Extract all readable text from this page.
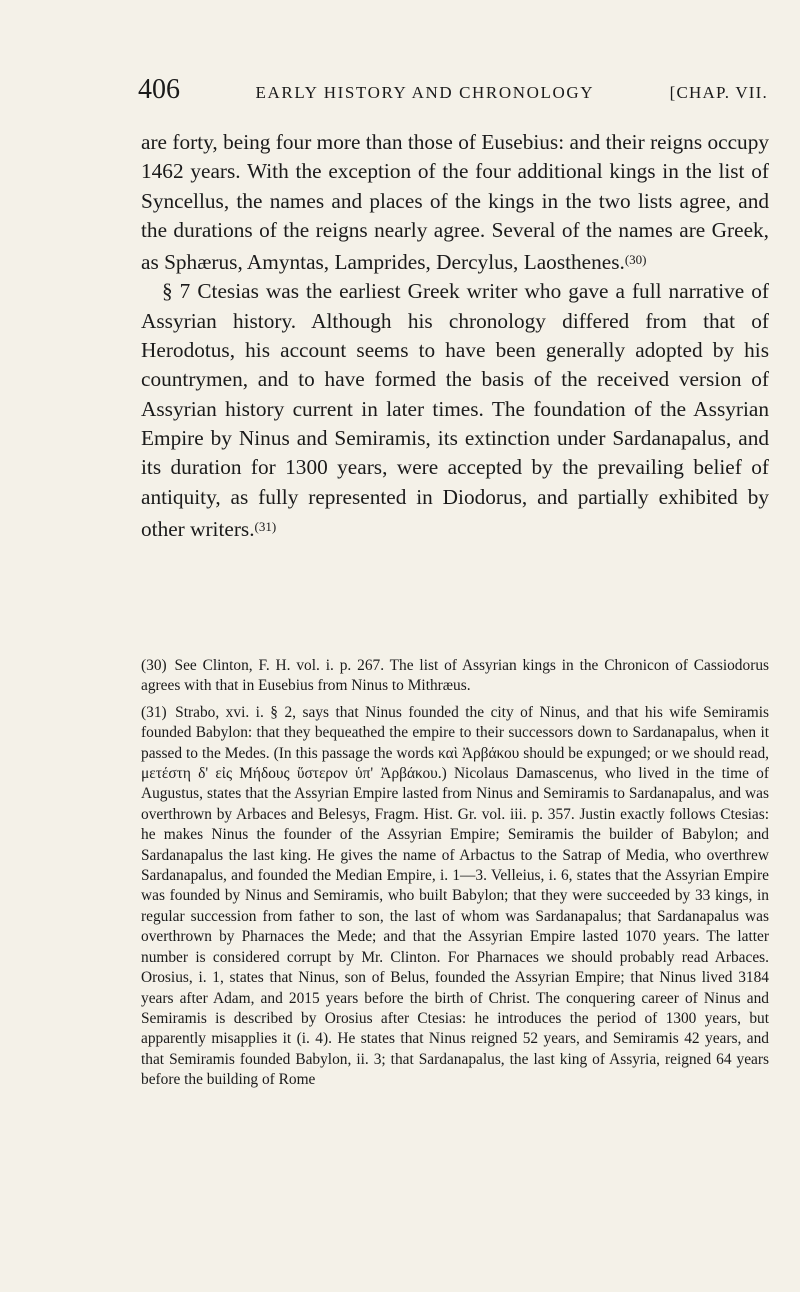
406	EARLY HISTORY AND CHRONOLOGY	[CHAP. VII.

are forty, being four more than those of Eusebius: and their reigns occupy 1462 years. With the exception of the four additional kings in the list of Syncellus, the names and places of the kings in the two lists agree, and the durations of the reigns nearly agree. Several of the names are Greek, as Sphærus, Amyntas, Lamprides, Dercylus, Laosthenes.$^{(30)}$

§ 7 Ctesias was the earliest Greek writer who gave a full narrative of Assyrian history. Although his chronology differed from that of Herodotus, his account seems to have been generally adopted by his countrymen, and to have formed the basis of the received version of Assyrian history current in later times. The foundation of the Assyrian Empire by Ninus and Semiramis, its extinction under Sardanapalus, and its duration for 1300 years, were accepted by the prevailing belief of antiquity, as fully represented in Diodorus, and partially exhibited by other writers.$^{(31)}$

(30) See Clinton, F. H. vol. i. p. 267. The list of Assyrian kings in the Chronicon of Cassiodorus agrees with that in Eusebius from Ninus to Mithræus.

(31) Strabo, xvi. i. § 2, says that Ninus founded the city of Ninus, and that his wife Semiramis founded Babylon: that they bequeathed the empire to their successors down to Sardanapalus, when it passed to the Medes. (In this passage the words καὶ Ἀρβάκου should be expunged; or we should read, μετέστη δ' εἰς Μήδους ὕστερον ὑπ' Ἀρβάκου.) Nicolaus Damascenus, who lived in the time of Augustus, states that the Assyrian Empire lasted from Ninus and Semiramis to Sardanapalus, and was overthrown by Arbaces and Belesys, Fragm. Hist. Gr. vol. iii. p. 357. Justin exactly follows Ctesias: he makes Ninus the founder of the Assyrian Empire; Semiramis the builder of Babylon; and Sardanapalus the last king. He gives the name of Arbactus to the Satrap of Media, who overthrew Sardanapalus, and founded the Median Empire, i. 1—3. Velleius, i. 6, states that the Assyrian Empire was founded by Ninus and Semiramis, who built Babylon; that they were succeeded by 33 kings, in regular succession from father to son, the last of whom was Sardanapalus; that Sardanapalus was overthrown by Pharnaces the Mede; and that the Assyrian Empire lasted 1070 years. The latter number is considered corrupt by Mr. Clinton. For Pharnaces we should probably read Arbaces. Orosius, i. 1, states that Ninus, son of Belus, founded the Assyrian Empire; that Ninus lived 3184 years after Adam, and 2015 years before the birth of Christ. The conquering career of Ninus and Semiramis is described by Orosius after Ctesias: he introduces the period of 1300 years, but apparently misapplies it (i. 4). He states that Ninus reigned 52 years, and Semiramis 42 years, and that Semiramis founded Babylon, ii. 3; that Sardanapalus, the last king of Assyria, reigned 64 years before the building of Rome
